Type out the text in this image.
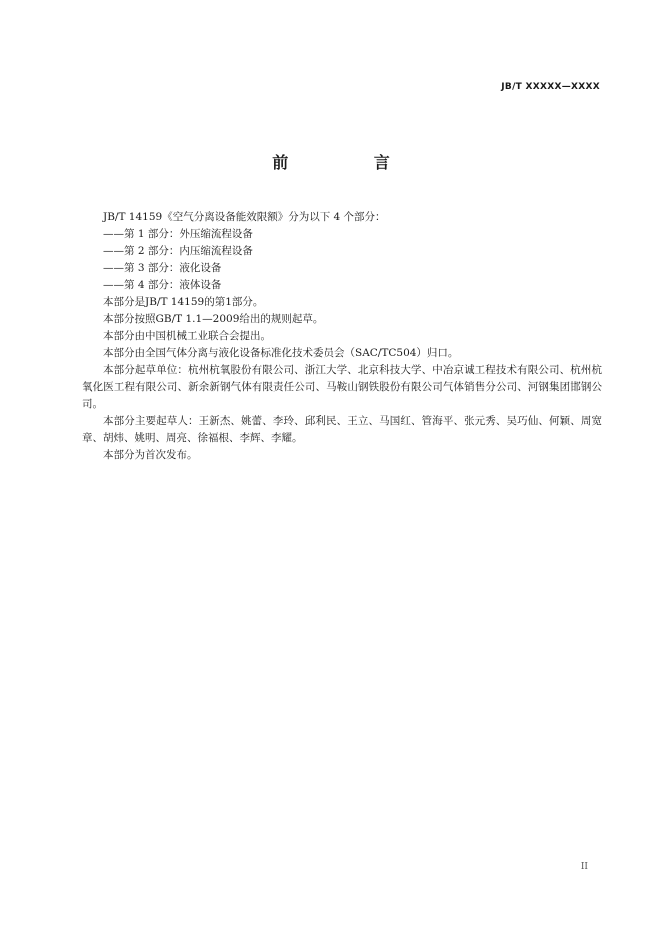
JB/T XXXXX—XXXX
前 言
JB/T 14159《空气分离设备能效限额》分为以下 4 个部分：
——第 1 部分：外压缩流程设备
——第 2 部分：内压缩流程设备
——第 3 部分：液化设备
——第 4 部分：液体设备
本部分是JB/T 14159的第1部分。
本部分按照GB/T 1.1—2009给出的规则起草。
本部分由中国机械工业联合会提出。
本部分由全国气体分离与液化设备标准化技术委员会（SAC/TC504）归口。
本部分起草单位：杭州杭氧股份有限公司、浙江大学、北京科技大学、中冶京诚工程技术有限公司、杭州杭氧化医工程有限公司、新余新钢气体有限责任公司、马鞍山钢铁股份有限公司气体销售分公司、河钢集团邯钢公司。
本部分主要起草人：王新杰、姚蕾、李玲、邱利民、王立、马国红、管海平、张元秀、吴巧仙、何颖、周宽章、胡炜、姚明、周亮、徐福根、李辉、李耀。
本部分为首次发布。
II
